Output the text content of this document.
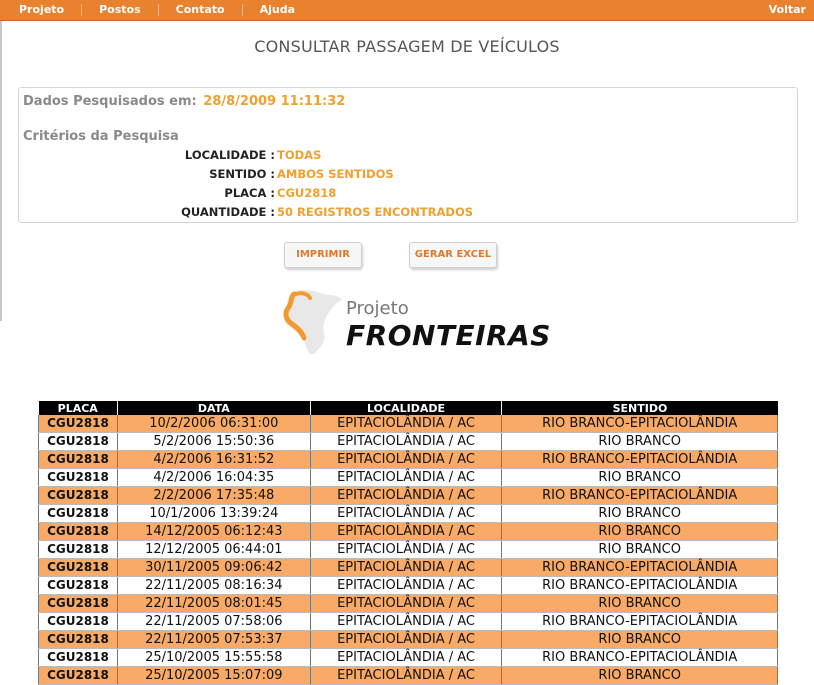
Projeto	Postos	Contato	Ajuda	Voltar
CONSULTAR PASSAGEM DE VEÍCULOS
Dados Pesquisados em: 28/8/2009 11:11:32
Critérios da Pesquisa
LOCALIDADE : TODAS
SENTIDO : AMBOS SENTIDOS
PLACA : CGU2818
QUANTIDADE : 50 REGISTROS ENCONTRADOS
IMPRIMIR	GERAR EXCEL
Projeto
FRONTEIRAS
PLACA	DATA	LOCALIDADE	SENTIDO
CGU2818	10/2/2006 06:31:00	EPITACIOLÂNDIA / AC	RIO BRANCO-EPITACIOLÂNDIA
CGU2818	5/2/2006 15:50:36	EPITACIOLÂNDIA / AC	RIO BRANCO
CGU2818	4/2/2006 16:31:52	EPITACIOLÂNDIA / AC	RIO BRANCO-EPITACIOLÂNDIA
CGU2818	4/2/2006 16:04:35	EPITACIOLÂNDIA / AC	RIO BRANCO
CGU2818	2/2/2006 17:35:48	EPITACIOLÂNDIA / AC	RIO BRANCO-EPITACIOLÂNDIA
CGU2818	10/1/2006 13:39:24	EPITACIOLÂNDIA / AC	RIO BRANCO
CGU2818	14/12/2005 06:12:43	EPITACIOLÂNDIA / AC	RIO BRANCO
CGU2818	12/12/2005 06:44:01	EPITACIOLÂNDIA / AC	RIO BRANCO
CGU2818	30/11/2005 09:06:42	EPITACIOLÂNDIA / AC	RIO BRANCO-EPITACIOLÂNDIA
CGU2818	22/11/2005 08:16:34	EPITACIOLÂNDIA / AC	RIO BRANCO-EPITACIOLÂNDIA
CGU2818	22/11/2005 08:01:45	EPITACIOLÂNDIA / AC	RIO BRANCO
CGU2818	22/11/2005 07:58:06	EPITACIOLÂNDIA / AC	RIO BRANCO-EPITACIOLÂNDIA
CGU2818	22/11/2005 07:53:37	EPITACIOLÂNDIA / AC	RIO BRANCO
CGU2818	25/10/2005 15:55:58	EPITACIOLÂNDIA / AC	RIO BRANCO-EPITACIOLÂNDIA
CGU2818	25/10/2005 15:07:09	EPITACIOLÂNDIA / AC	RIO BRANCO
